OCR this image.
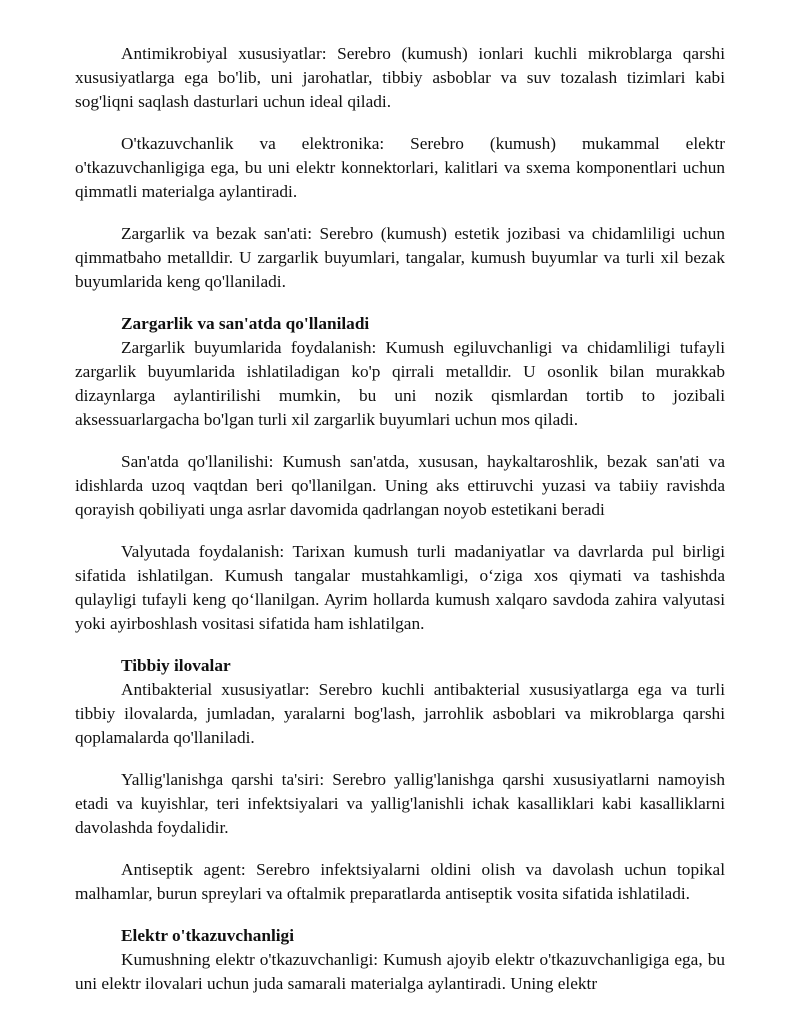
Antimikrobiyal xususiyatlar: Serebro (kumush) ionlari kuchli mikroblarga qarshi xususiyatlarga ega bo'lib, uni jarohatlar, tibbiy asboblar va suv tozalash tizimlari kabi sog'liqni saqlash dasturlari uchun ideal qiladi.

O'tkazuvchanlik va elektronika: Serebro (kumush) mukammal elektr o'tkazuvchanligiga ega, bu uni elektr konnektorlari, kalitlari va sxema komponentlari uchun qimmatli materialga aylantiradi.

Zargarlik va bezak san'ati: Serebro (kumush) estetik jozibasi va chidamliligi uchun qimmatbaho metalldir. U zargarlik buyumlari, tangalar, kumush buyumlar va turli xil bezak buyumlarida keng qo'llaniladi.

Zargarlik va san'atda qo'llaniladi

Zargarlik buyumlarida foydalanish: Kumush egiluvchanligi va chidamliligi tufayli zargarlik buyumlarida ishlatiladigan ko'p qirrali metalldir. U osonlik bilan murakkab dizaynlarga aylantirilishi mumkin, bu uni nozik qismlardan tortib to jozibali aksessuarlargacha bo'lgan turli xil zargarlik buyumlari uchun mos qiladi.

San'atda qo'llanilishi: Kumush san'atda, xususan, haykaltaroshlik, bezak san'ati va idishlarda uzoq vaqtdan beri qo'llanilgan. Uning aks ettiruvchi yuzasi va tabiiy ravishda qorayish qobiliyati unga asrlar davomida qadrlangan noyob estetikani beradi

Valyutada foydalanish: Tarixan kumush turli madaniyatlar va davrlarda pul birligi sifatida ishlatilgan. Kumush tangalar mustahkamligi, o‘ziga xos qiymati va tashishda qulayligi tufayli keng qo‘llanilgan. Ayrim hollarda kumush xalqaro savdoda zahira valyutasi yoki ayirboshlash vositasi sifatida ham ishlatilgan.

Tibbiy ilovalar

Antibakterial xususiyatlar: Serebro kuchli antibakterial xususiyatlarga ega va turli tibbiy ilovalarda, jumladan, yaralarni bog'lash, jarrohlik asboblari va mikroblarga qarshi qoplamalarda qo'llaniladi.

Yallig'lanishga qarshi ta'siri: Serebro yallig'lanishga qarshi xususiyatlarni namoyish etadi va kuyishlar, teri infektsiyalari va yallig'lanishli ichak kasalliklari kabi kasalliklarni davolashda foydalidir.

Antiseptik agent: Serebro infektsiyalarni oldini olish va davolash uchun topikal malhamlar, burun spreylari va oftalmik preparatlarda antiseptik vosita sifatida ishlatiladi.

Elektr o'tkazuvchanligi

Kumushning elektr o'tkazuvchanligi: Kumush ajoyib elektr o'tkazuvchanligiga ega, bu uni elektr ilovalari uchun juda samarali materialga aylantiradi. Uning elektr
